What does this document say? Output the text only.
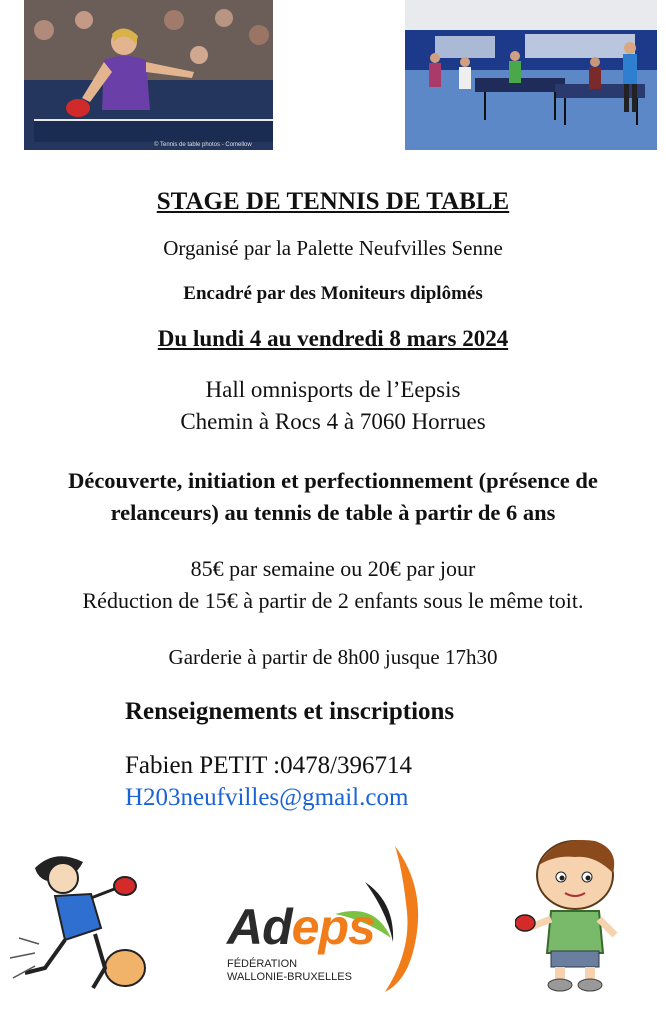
© Tennis de table photos - Comellow
STAGE DE TENNIS DE TABLE
Organisé par la Palette Neufvilles Senne
Encadré par des Moniteurs diplômés
Du lundi 4 au vendredi 8 mars 2024
Hall omnisports de l’Eepsis
Chemin à Rocs 4 à 7060 Horrues
Découverte, initiation et perfectionnement (présence de
relanceurs) au tennis de table à partir de 6 ans
85€ par semaine ou 20€ par jour
Réduction de 15€ à partir de 2 enfants sous le même toit.
Garderie à partir de 8h00 jusque 17h30
Renseignements et inscriptions
Fabien PETIT :0478/396714
H203neufvilles@gmail.com
Adeps
FÉDÉRATION
WALLONIE-BRUXELLES
